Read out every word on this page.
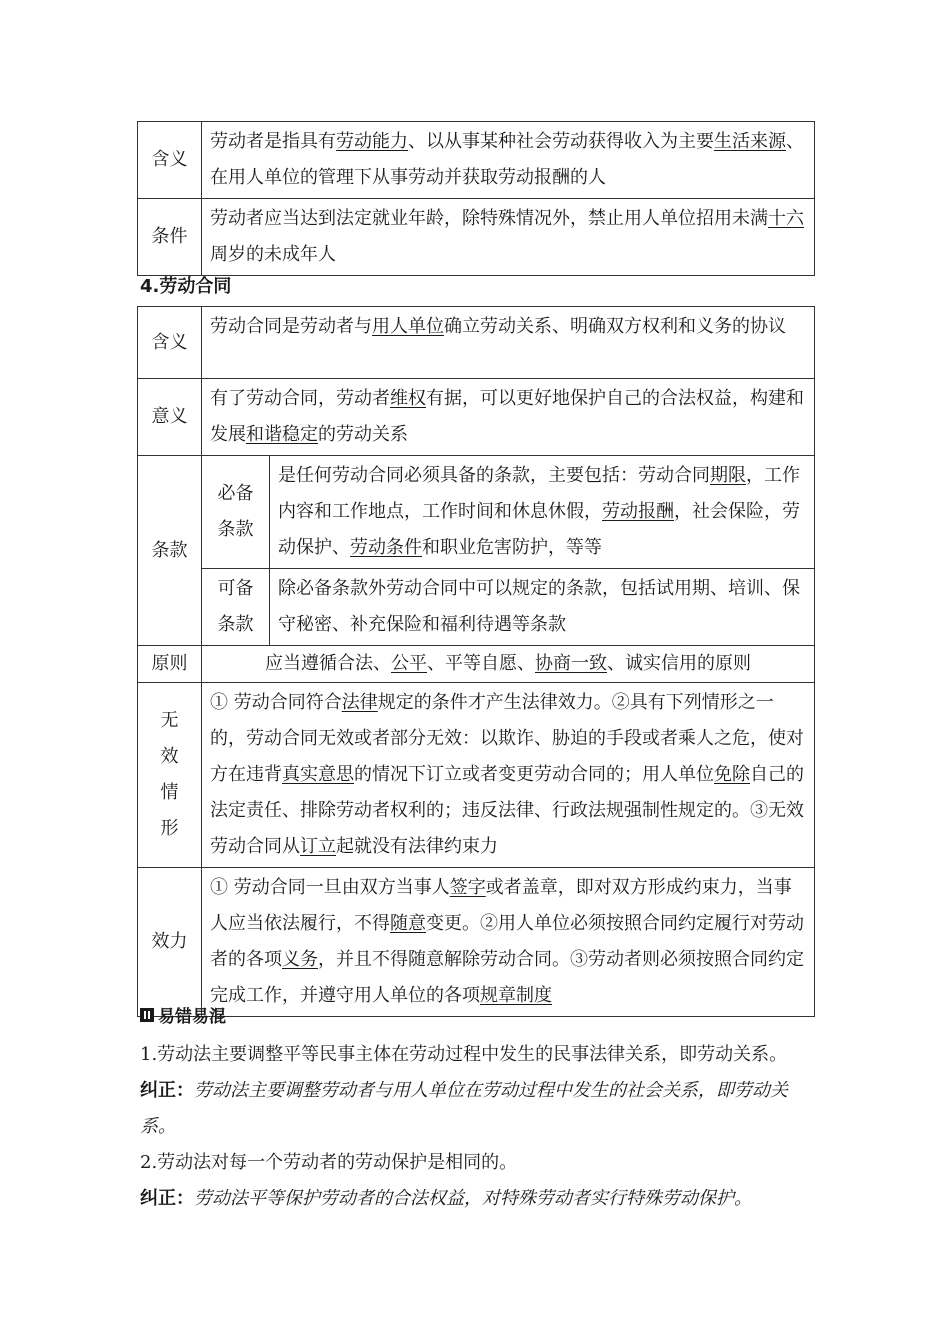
含义	劳动者是指具有劳动能力、以从事某种社会劳动获得收入为主要生活来源、在用人单位的管理下从事劳动并获取劳动报酬的人
条件	劳动者应当达到法定就业年龄，除特殊情况外，禁止用人单位招用未满十六周岁的未成年人
4.劳动合同
含义	劳动合同是劳动者与用人单位确立劳动关系、明确双方权利和义务的协议	
意义	有了劳动合同，劳动者维权有据，可以更好地保护自己的合法权益，构建和发展和谐稳定的劳动关系	
条款	必备条款	是任何劳动合同必须具备的条款，主要包括：劳动合同期限，工作内容和工作地点，工作时间和休息休假，劳动报酬，社会保险，劳动保护、劳动条件和职业危害防护，等等
	可备条款	除必备条款外劳动合同中可以规定的条款，包括试用期、培训、保守秘密、补充保险和福利待遇等条款
原则	应当遵循合法、公平、平等自愿、协商一致、诚实信用的原则	
无效情形	① 劳动合同符合法律规定的条件才产生法律效力。②具有下列情形之一的，劳动合同无效或者部分无效：以欺诈、胁迫的手段或者乘人之危，使对方在违背真实意思的情况下订立或者变更劳动合同的；用人单位免除自己的法定责任、排除劳动者权利的；违反法律、行政法规强制性规定的。③无效劳动合同从订立起就没有法律约束力	
效力	① 劳动合同一旦由双方当事人签字或者盖章，即对双方形成约束力，当事人应当依法履行，不得随意变更。②用人单位必须按照合同约定履行对劳动者的各项义务，并且不得随意解除劳动合同。③劳动者则必须按照合同约定完成工作，并遵守用人单位的各项规章制度	
易错易混
1.劳动法主要调整平等民事主体在劳动过程中发生的民事法律关系，即劳动关系。
纠正：劳动法主要调整劳动者与用人单位在劳动过程中发生的社会关系，即劳动关系。
2.劳动法对每一个劳动者的劳动保护是相同的。
纠正：劳动法平等保护劳动者的合法权益，对特殊劳动者实行特殊劳动保护。
